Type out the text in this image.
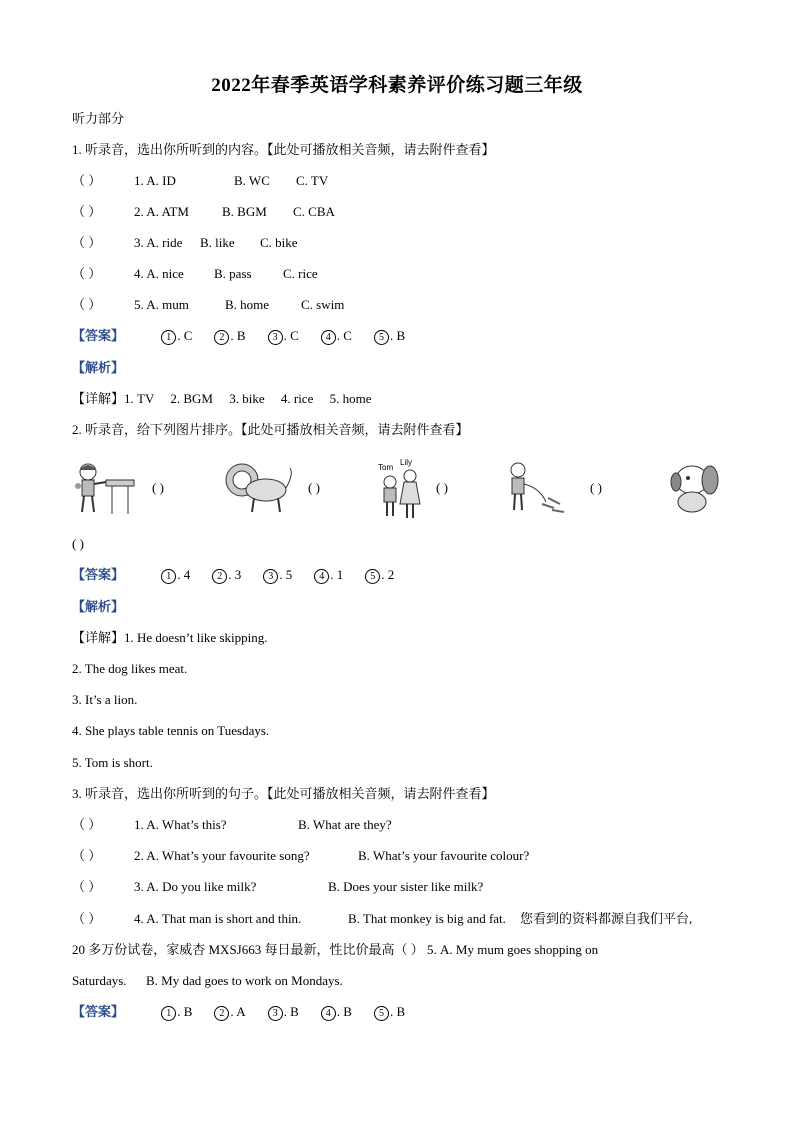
2022年春季英语学科素养评价练习题三年级
听力部分
1. 听录音，选出你所听到的内容。【此处可播放相关音频，请去附件查看】
（ ）	1. A. ID	B. WC C. TV
（ ）	2. A. ATM	B. BGM C. CBA
（ ）	3. A. ride B. like C. bike
（ ）	4. A. nice B. pass C. rice
（ ）	5. A. mum	B. home C. swim
【答案】	1 . C	2 . B	3 . C	4 . C	5 . B
【解析】
【详解】1. TV     2. BGM     3. bike     4. rice     5. home
2. 听录音，给下列图片排序。【此处可播放相关音频，请去附件查看】
( )	( )
Tom
Lily
( )	( )
( )
【答案】	1 . 4	2 . 3	3 . 5	4 . 1	5 . 2
【解析】
【详解】1. He doesn’t like skipping.
2. The dog likes meat.
3. It’s a lion.
4. She plays table tennis on Tuesdays.
5. Tom is short.
3. 听录音，选出你所听到的句子。【此处可播放相关音频，请去附件查看】
（ ）	1. A. What’s this?	B. What are they?
（ ）	2. A. What’s your favourite song?	B. What’s your favourite colour?
（ ）	3. A. Do you like milk?	B. Does your sister like milk?
（ ）	4. A. That man is short and thin.	B. That monkey is big and fat. 您看到的资料都源自我们平台,
20 多万份试卷，家威杏 MXSJ663 每日最新，性比价最高（ ） 5. A. My mum goes shopping on
Saturdays. B. My dad goes to work on Mondays.
【答案】	1 . B	2 . A	3 . B	4 . B	5 . B
